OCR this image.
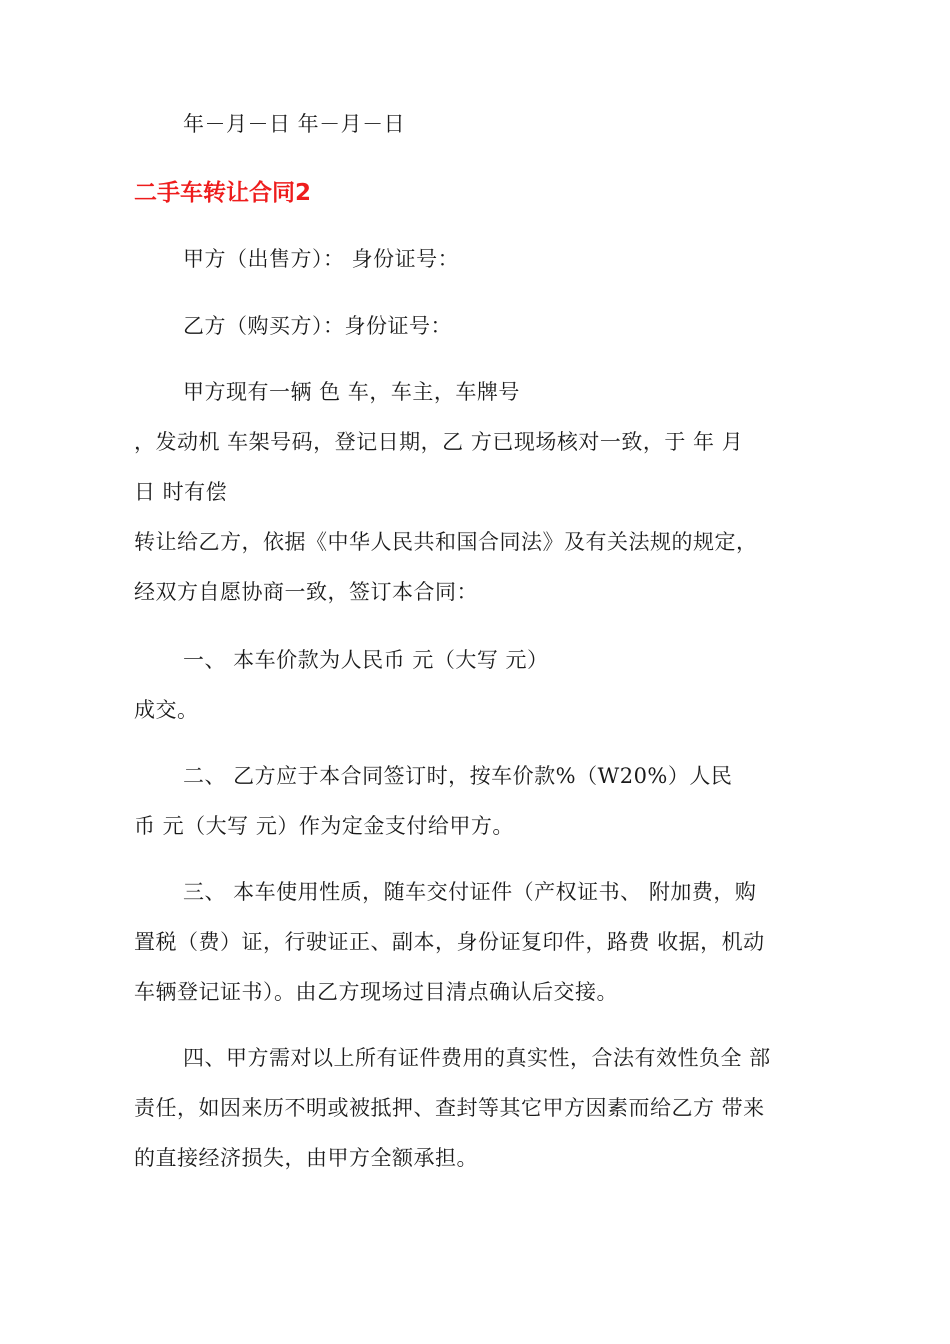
年－月－日 年－月－日
二手车转让合同2
甲方（出售方）： 身份证号：
乙方（购买方）：身份证号：
甲方现有一辆 色 车，车主，车牌号
，发动机 车架号码，登记日期，乙 方已现场核对一致，于 年 月
日 时有偿
转让给乙方，依据《中华人民共和国合同法》及有关法规的规定，
经双方自愿协商一致，签订本合同：
一、 本车价款为人民币 元（大写 元）
成交。
二、 乙方应于本合同签订时，按车价款%（W20%）人民
币 元（大写 元）作为定金支付给甲方。
三、 本车使用性质，随车交付证件（产权证书、 附加费，购
置税（费）证，行驶证正、副本，身份证复印件，路费 收据，机动
车辆登记证书）。由乙方现场过目清点确认后交接。
四、甲方需对以上所有证件费用的真实性，合法有效性负全 部
责任，如因来历不明或被抵押、查封等其它甲方因素而给乙方 带来
的直接经济损失，由甲方全额承担。
